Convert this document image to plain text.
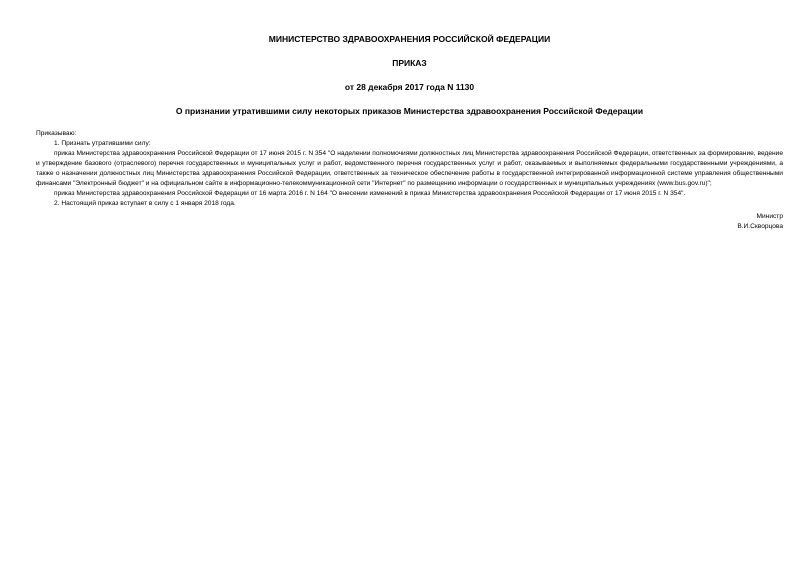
МИНИСТЕРСТВО ЗДРАВООХРАНЕНИЯ РОССИЙСКОЙ ФЕДЕРАЦИИ

ПРИКАЗ

от 28 декабря 2017 года N 1130

О признании утратившими силу некоторых приказов Министерства здравоохранения Российской Федерации

Приказываю:

1. Признать утратившими силу:

приказ Министерства здравоохранения Российской Федерации от 17 июня 2015 г. N 354 "О наделении полномочиями должностных лиц Министерства здравоохранения Российской Федерации, ответственных за формирование, ведение и утверждение базового (отраслевого) перечня государственных и муниципальных услуг и работ, ведомственного перечня государственных услуг и работ, оказываемых и выполняемых федеральными государственными учреждениями, а также о назначении должностных лиц Министерства здравоохранения Российской Федерации, ответственных за техническое обеспечение работы в государственной интегрированной информационной системе управления общественными финансами "Электронный бюджет" и на официальном сайте в информационно-телекоммуникационной сети "Интернет" по размещению информации о государственных и муниципальных учреждениях (www.bus.gov.ru)";

приказ Министерства здравоохранения Российской Федерации от 16 марта 2016 г. N 164 "О внесении изменений в приказ Министерства здравоохранения Российской Федерации от 17 июня 2015 г. N 354".

2. Настоящий приказ вступает в силу с 1 января 2018 года.

Министр

В.И.Скворцова
